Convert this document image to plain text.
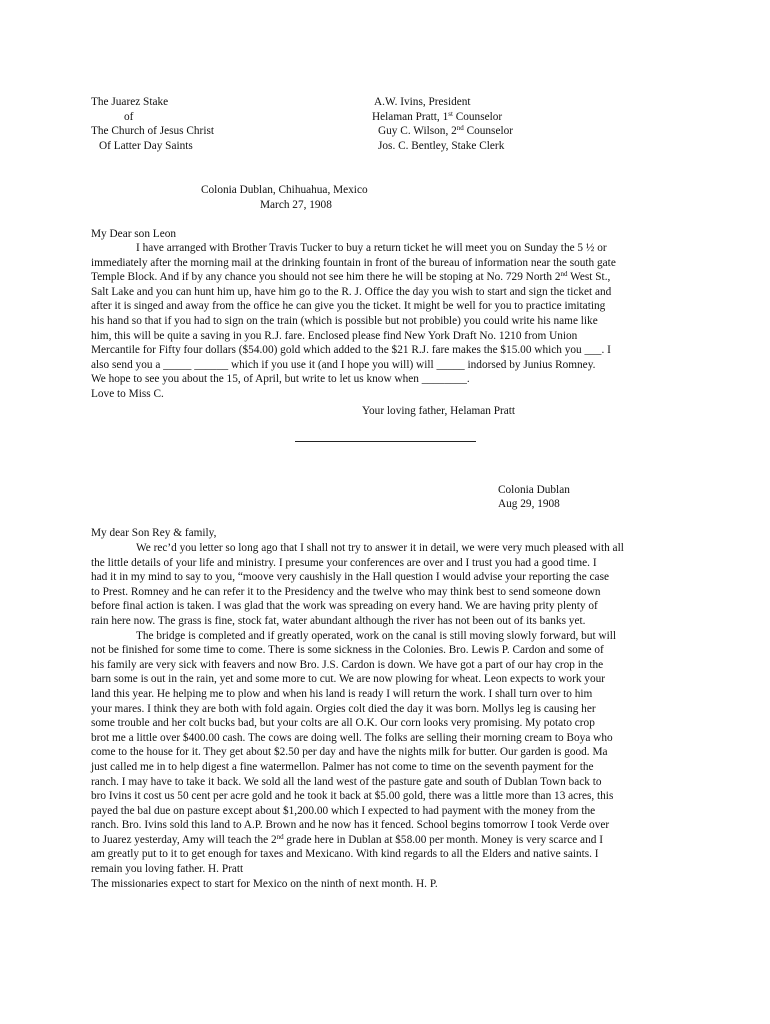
The Juarez Stake
of
The Church of Jesus Christ
Of Latter Day Saints
A.W. Ivins, President
Helaman Pratt, 1st Counselor
Guy C. Wilson, 2nd Counselor
Jos. C. Bentley, Stake Clerk
Colonia Dublan, Chihuahua, Mexico
March 27, 1908
My Dear son Leon
I have arranged with Brother Travis Tucker to buy a return ticket he will meet you on Sunday the 5 ½ or
immediately after the morning mail at the drinking fountain in front of the bureau of information near the south gate
Temple Block. And if by any chance you should not see him there he will be stoping at No. 729 North 2nd West St.,
Salt Lake and you can hunt him up, have him go to the R. J. Office the day you wish to start and sign the ticket and
after it is singed and away from the office he can give you the ticket. It might be well for you to practice imitating
his hand so that if you had to sign on the train (which is possible but not probible) you could write his name like
him, this will be quite a saving in you R.J. fare. Enclosed please find New York Draft No. 1210 from Union
Mercantile for Fifty four dollars ($54.00) gold which added to the $21 R.J. fare makes the $15.00 which you ___. I
also send you a _____ ______ which if you use it (and I hope you will) will _____ indorsed by Junius Romney.
We hope to see you about the 15, of April, but write to let us know when ________.
Love to Miss C.
Your loving father, Helaman Pratt
Colonia Dublan
Aug 29, 1908
My dear Son Rey & family,
We rec’d you letter so long ago that I shall not try to answer it in detail, we were very much pleased with all
the little details of your life and ministry. I presume your conferences are over and I trust you had a good time. I
had it in my mind to say to you, “moove very caushisly in the Hall question I would advise your reporting the case
to Prest. Romney and he can refer it to the Presidency and the twelve who may think best to send someone down
before final action is taken. I was glad that the work was spreading on every hand. We are having prity plenty of
rain here now. The grass is fine, stock fat, water abundant although the river has not been out of its banks yet.
The bridge is completed and if greatly operated, work on the canal is still moving slowly forward, but will
not be finished for some time to come. There is some sickness in the Colonies. Bro. Lewis P. Cardon and some of
his family are very sick with feavers and now Bro. J.S. Cardon is down. We have got a part of our hay crop in the
barn some is out in the rain, yet and some more to cut. We are now plowing for wheat. Leon expects to work your
land this year. He helping me to plow and when his land is ready I will return the work. I shall turn over to him
your mares. I think they are both with fold again. Orgies colt died the day it was born. Mollys leg is causing her
some trouble and her colt bucks bad, but your colts are all O.K. Our corn looks very promising. My potato crop
brot me a little over $400.00 cash. The cows are doing well. The folks are selling their morning cream to Boya who
come to the house for it. They get about $2.50 per day and have the nights milk for butter. Our garden is good. Ma
just called me in to help digest a fine watermellon. Palmer has not come to time on the seventh payment for the
ranch. I may have to take it back. We sold all the land west of the pasture gate and south of Dublan Town back to
bro Ivins it cost us 50 cent per acre gold and he took it back at $5.00 gold, there was a little more than 13 acres, this
payed the bal due on pasture except about $1,200.00 which I expected to had payment with the money from the
ranch. Bro. Ivins sold this land to A.P. Brown and he now has it fenced. School begins tomorrow I took Verde over
to Juarez yesterday, Amy will teach the 2nd grade here in Dublan at $58.00 per month. Money is very scarce and I
am greatly put to it to get enough for taxes and Mexicano. With kind regards to all the Elders and native saints. I
remain you loving father. H. Pratt
The missionaries expect to start for Mexico on the ninth of next month. H. P.
